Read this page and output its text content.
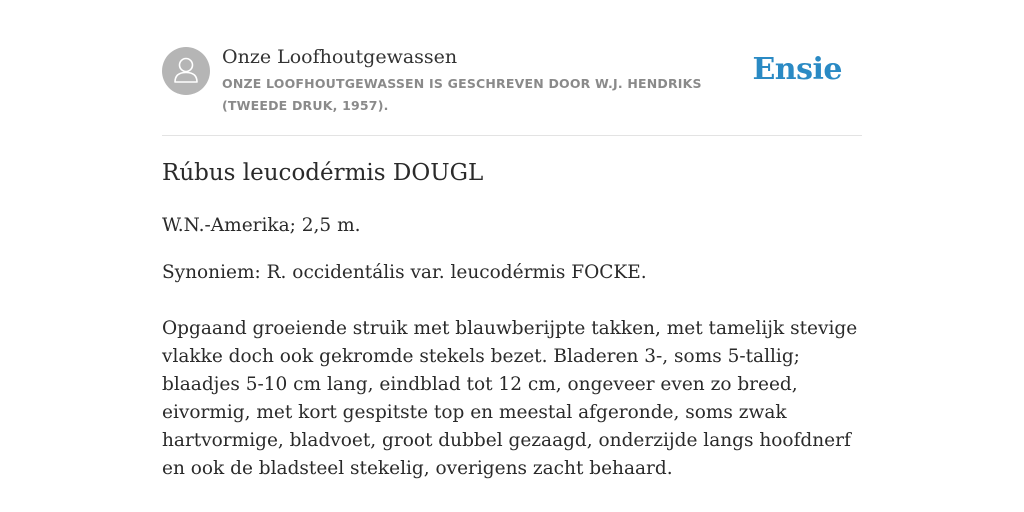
Onze Loofhoutgewassen
ONZE LOOFHOUTGEWASSEN IS GESCHREVEN DOOR W.J. HENDRIKS (TWEEDE DRUK, 1957).
Ensie
Rúbus leucodérmis DOUGL

W.N.-Amerika; 2,5 m.

Synoniem: R. occidentális var. leucodérmis FOCKE.

Opgaand groeiende struik met blauwberijpte takken, met tamelijk stevige vlakke doch ook gekromde stekels bezet. Bladeren 3-, soms 5-tallig; blaadjes 5-10 cm lang, eindblad tot 12 cm, ongeveer even zo breed, eivormig, met kort gespitste top en meestal afgeronde, soms zwak hartvormige, bladvoet, groot dubbel gezaagd, onderzijde langs hoofdnerf en ook de bladsteel stekelig, overigens zacht behaard.
